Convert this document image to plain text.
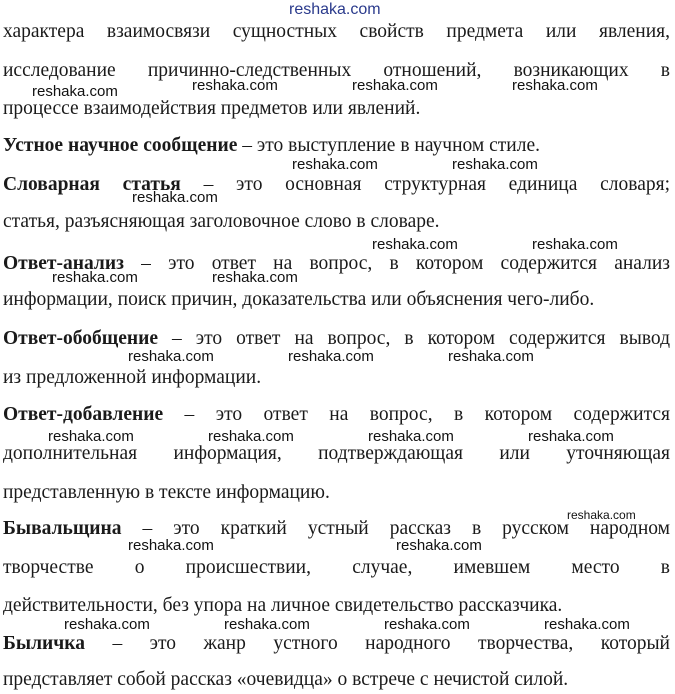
характера взаимосвязи сущностных свойств предмета или явления,
исследование причинно-следственных отношений, возникающих в
процессе взаимодействия предметов или явлений.
Устное научное сообщение – это выступление в научном стиле.
Словарная статья – это основная структурная единица словаря;
статья, разъясняющая заголовочное слово в словаре.
Ответ-анализ – это ответ на вопрос, в котором содержится анализ
информации, поиск причин, доказательства или объяснения чего-либо.
Ответ-обобщение – это ответ на вопрос, в котором содержится вывод
из предложенной информации.
Ответ-добавление – это ответ на вопрос, в котором содержится
дополнительная информация, подтверждающая или уточняющая
представленную в тексте информацию.
Бывальщина – это краткий устный рассказ в русском народном
творчестве о происшествии, случае, имевшем место в
действительности, без упора на личное свидетельство рассказчика.
Быличка – это жанр устного народного творчества, который
представляет собой рассказ «очевидца» о встрече с нечистой силой.
reshaka.com
reshaka.com	reshaka.com	reshaka.com	reshaka.com
reshaka.com	reshaka.com
reshaka.com
reshaka.com	reshaka.com
reshaka.com	reshaka.com
reshaka.com	reshaka.com	reshaka.com
reshaka.com	reshaka.com	reshaka.com	reshaka.com
reshaka.com
reshaka.com	reshaka.com
reshaka.com	reshaka.com	reshaka.com	reshaka.com
